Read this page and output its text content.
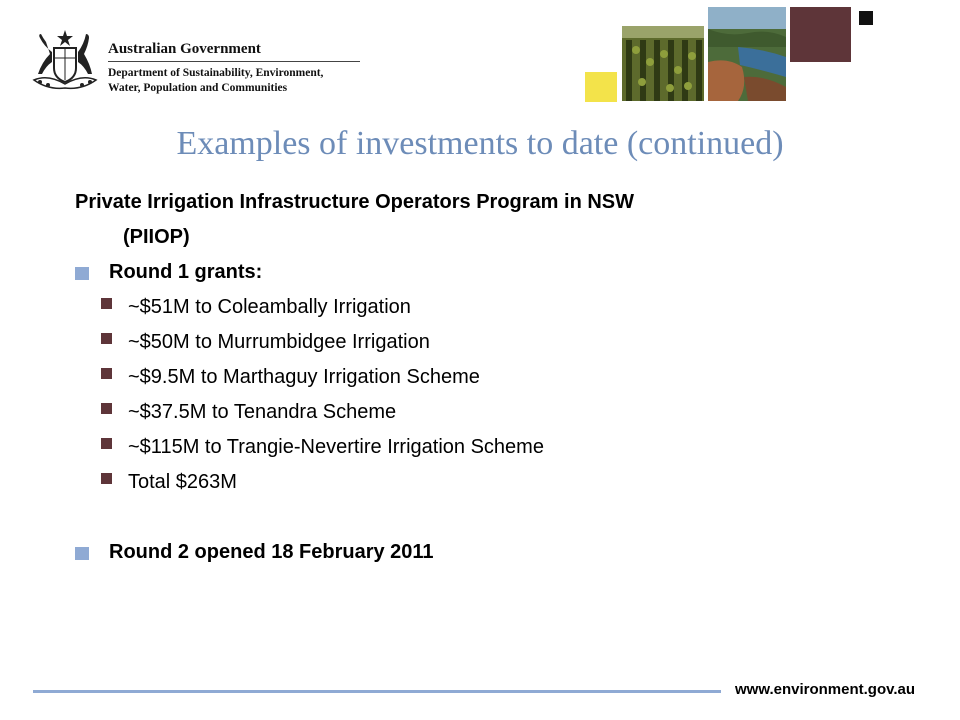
Australian Government
Department of Sustainability, Environment,
Water, Population and Communities
Examples of investments to date (continued)
Private Irrigation Infrastructure Operators Program in NSW
(PIIOP)
Round 1 grants:
~$51M to Coleambally Irrigation
~$50M to Murrumbidgee Irrigation
~$9.5M to Marthaguy Irrigation Scheme
~$37.5M to Tenandra Scheme
~$115M to Trangie-Nevertire Irrigation Scheme
Total $263M
Round 2 opened 18 February 2011
www.environment.gov.au
